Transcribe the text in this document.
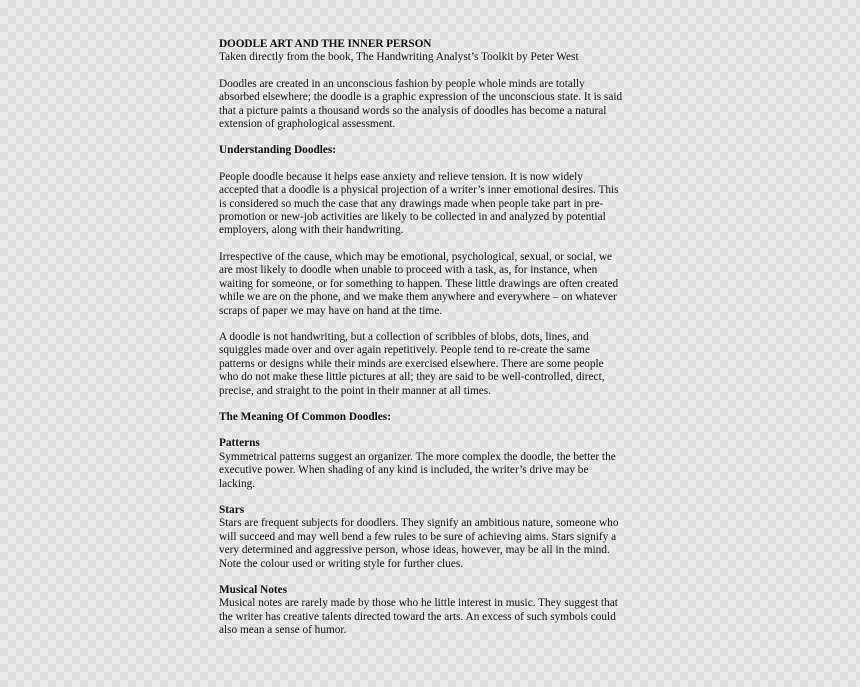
DOODLE ART AND THE INNER PERSON
Taken directly from the book, The Handwriting Analyst’s Toolkit by Peter West
Doodles are created in an unconscious fashion by people whole minds are totally
absorbed elsewhere; the doodle is a graphic expression of the unconscious state. It is said
that a picture paints a thousand words so the analysis of doodles has become a natural
extension of graphological assessment.
Understanding Doodles:
People doodle because it helps ease anxiety and relieve tension. It is now widely
accepted that a doodle is a physical projection of a writer’s inner emotional desires. This
is considered so much the case that any drawings made when people take part in pre-
promotion or new-job activities are likely to be collected in and analyzed by potential
employers, along with their handwriting.
Irrespective of the cause, which may be emotional, psychological, sexual, or social, we
are most likely to doodle when unable to proceed with a task, as, for instance, when
waiting for someone, or for something to happen. These little drawings are often created
while we are on the phone, and we make them anywhere and everywhere – on whatever
scraps of paper we may have on hand at the time.
A doodle is not handwriting, but a collection of scribbles of blobs, dots, lines, and
squiggles made over and over again repetitively. People tend to re-create the same
patterns or designs while their minds are exercised elsewhere. There are some people
who do not make these little pictures at all; they are said to be well-controlled, direct,
precise, and straight to the point in their manner at all times.
The Meaning Of Common Doodles:
Patterns
Symmetrical patterns suggest an organizer. The more complex the doodle, the better the
executive power. When shading of any kind is included, the writer’s drive may be
lacking.
Stars
Stars are frequent subjects for doodlers. They signify an ambitious nature, someone who
will succeed and may well bend a few rules to be sure of achieving aims. Stars signify a
very determined and aggressive person, whose ideas, however, may be all in the mind.
Note the colour used or writing style for further clues.
Musical Notes
Musical notes are rarely made by those who he little interest in music. They suggest that
the writer has creative talents directed toward the arts. An excess of such symbols could
also mean a sense of humor.
